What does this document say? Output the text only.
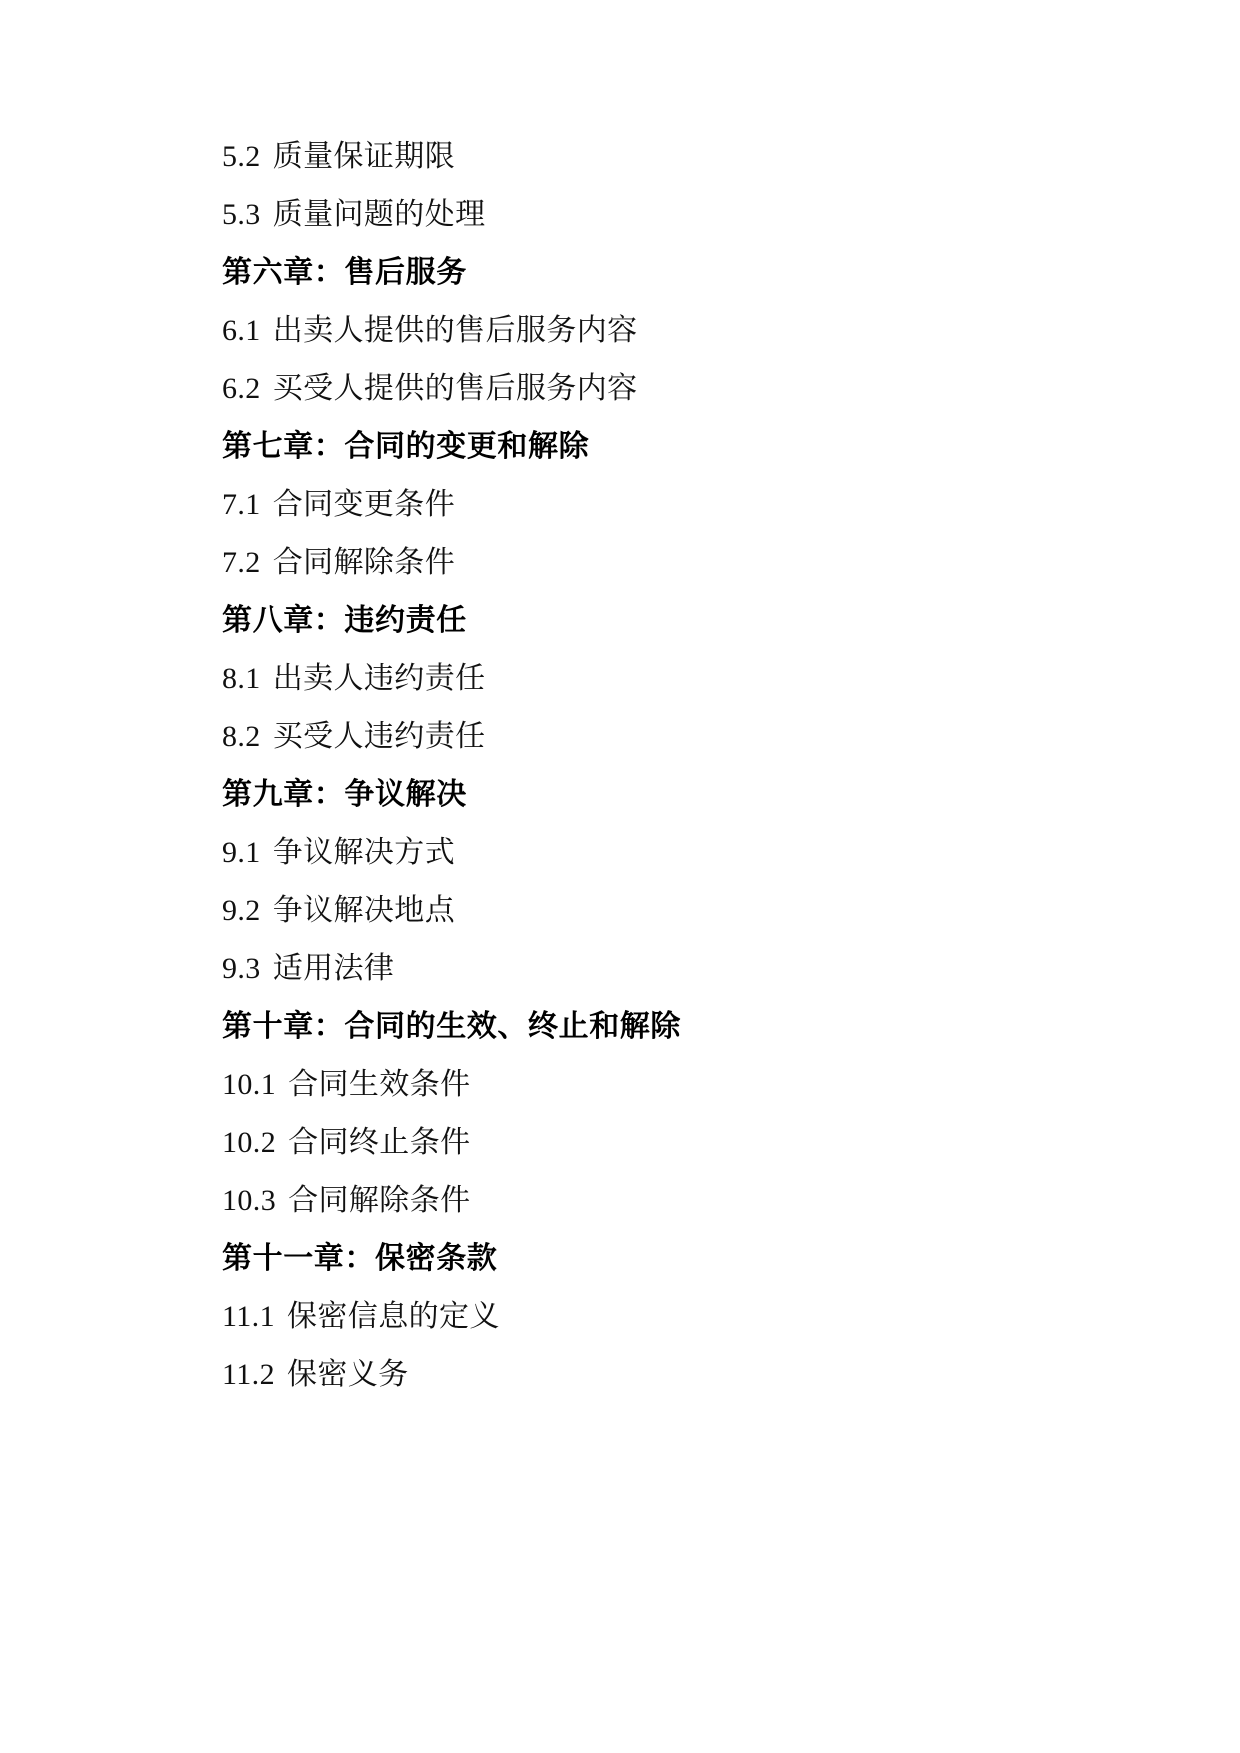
5.2 质量保证期限
5.3 质量问题的处理
第六章：售后服务
6.1 出卖人提供的售后服务内容
6.2 买受人提供的售后服务内容
第七章：合同的变更和解除
7.1 合同变更条件
7.2 合同解除条件
第八章：违约责任
8.1 出卖人违约责任
8.2 买受人违约责任
第九章：争议解决
9.1 争议解决方式
9.2 争议解决地点
9.3 适用法律
第十章：合同的生效、终止和解除
10.1 合同生效条件
10.2 合同终止条件
10.3 合同解除条件
第十一章：保密条款
11.1 保密信息的定义
11.2 保密义务
